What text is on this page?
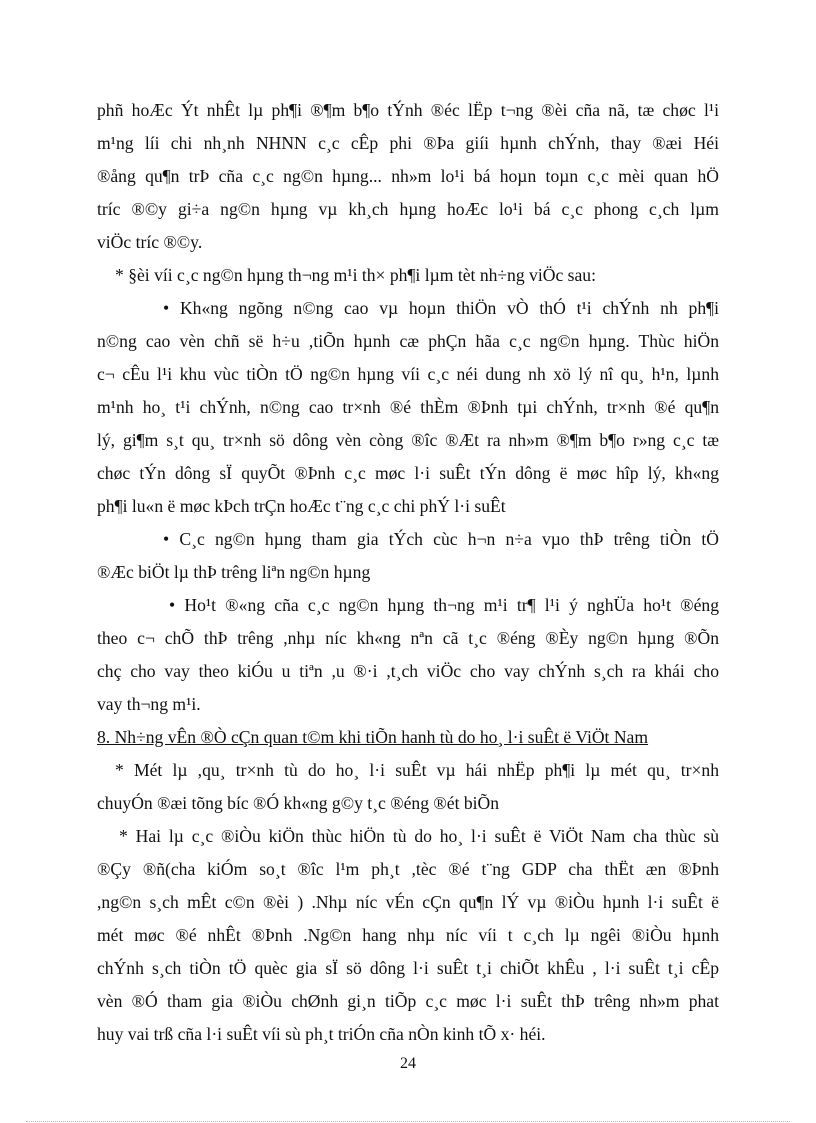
phñ hoÆc Ýt nhÊt lµ ph¶i ®¶m b¶o tÝnh ®éc lËp t¬ng ®èi cña nã, tæ chøc l¹i
m¹ng líi chi nh¸nh NHNN c¸c cÊp phi ®Þa giíi hµnh chÝnh, thay ®æi Héi
®ång qu¶n trÞ cña c¸c ng©n hµng... nh»m lo¹i bá hoµn toµn c¸c mèi quan hÖ
tríc ®©y gi÷a ng©n hµng vµ kh¸ch hµng hoÆc lo¹i bá c¸c phong c¸ch lµm
viÖc tríc ®©y.
* §èi víi c¸c ng©n hµng th¬ng m¹i th× ph¶i lµm tèt nh÷ng viÖc sau:
• Kh«ng ngõng n©ng cao vµ hoµn thiÖn vÒ thÓ t¹i chÝnh nh ph¶i
n©ng cao vèn chñ së h÷u ,tiÕn hµnh cæ phÇn hãa c¸c ng©n hµng. Thùc hiÖn
c¬ cÊu l¹i khu vùc tiÒn tÖ ng©n hµng víi c¸c néi dung nh xö lý nî qu¸ h¹n, lµnh
m¹nh ho¸ t¹i chÝnh, n©ng cao tr×nh ®é thÈm ®Þnh tµi chÝnh, tr×nh ®é qu¶n
lý, gi¶m s¸t qu¸ tr×nh sö dông vèn còng ®îc ®Æt ra nh»m ®¶m b¶o r»ng c¸c tæ
chøc tÝn dông sÏ quyÕt ®Þnh c¸c møc l·i suÊt tÝn dông ë møc hîp lý, kh«ng
ph¶i lu«n ë møc kÞch trÇn hoÆc t¨ng c¸c chi phÝ l·i suÊt
• C¸c ng©n hµng tham gia tÝch cùc h¬n n÷a vµo thÞ trêng tiÒn tÖ
®Æc biÖt lµ thÞ trêng liªn ng©n hµng
• Ho¹t ®«ng cña c¸c ng©n hµng th¬ng m¹i tr¶ l¹i ý nghÜa ho¹t ®éng
theo c¬ chÕ thÞ trêng ,nhµ níc kh«ng nªn cã t¸c ®éng ®Èy ng©n hµng ®Õn
chç cho vay theo kiÓu u tiªn ,u ®·i ,t¸ch viÖc cho vay chÝnh s¸ch ra khái cho
vay th¬ng m¹i.
8. Nh÷ng vÊn ®Ò cÇn quan t©m khi tiÕn hanh tù do ho¸ l·i suÊt ë ViÖt Nam
* Mét lµ ,qu¸ tr×nh tù do ho¸ l·i suÊt vµ hái nhËp ph¶i lµ mét qu¸ tr×nh
chuyÓn ®æi tõng bíc ®Ó kh«ng g©y t¸c ®éng ®ét biÕn
* Hai lµ c¸c ®iÒu kiÖn thùc hiÖn tù do ho¸ l·i suÊt ë ViÖt Nam cha thùc sù
®Çy ®ñ(cha kiÓm so¸t ®îc l¹m ph¸t ,tèc ®é t¨ng GDP cha thËt æn ®Þnh
,ng©n s¸ch mÊt c©n ®èi ) .Nhµ níc vÉn cÇn qu¶n lÝ vµ ®iÒu hµnh l·i suÊt ë
mét møc ®é nhÊt ®Þnh .Ng©n hang nhµ níc víi t c¸ch lµ ngêi ®iÒu hµnh
chÝnh s¸ch tiÒn tÖ quèc gia sÏ sö dông l·i suÊt t¸i chiÕt khÊu , l·i suÊt t¸i cÊp
vèn ®Ó tham gia ®iÒu chØnh gi¸n tiÕp c¸c møc l·i suÊt thÞ trêng nh»m phat
huy vai trß cña l·i suÊt víi sù ph¸t triÓn cña nÒn kinh tÕ x· héi.
24
